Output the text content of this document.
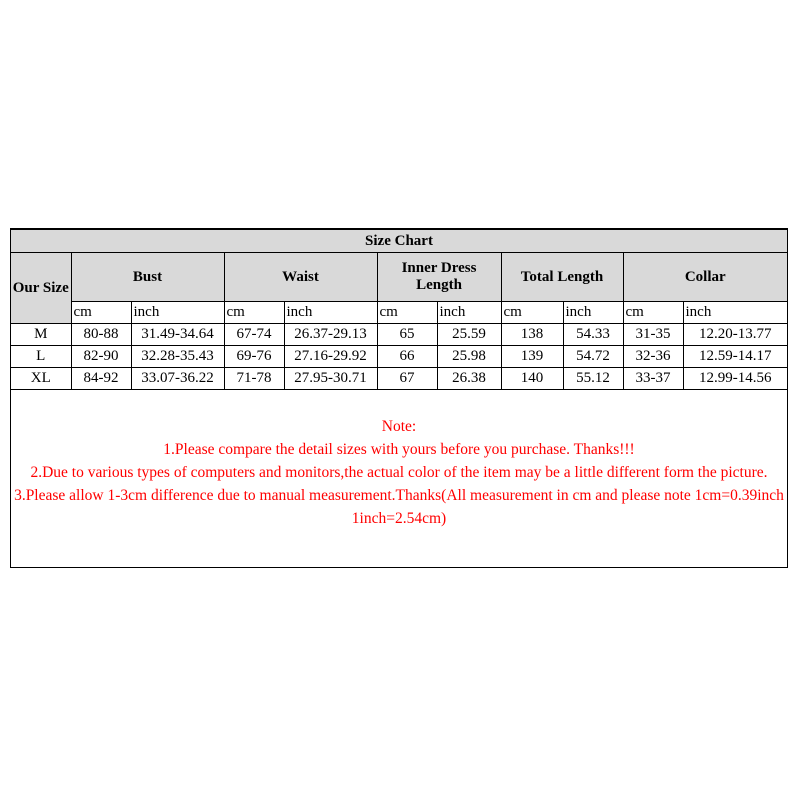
Size Chart										
Our Size	Bust		Waist		Inner Dress Length		Total Length		Collar	
	cm	inch	cm	inch	cm	inch	cm	inch	cm	inch
M	80-88	31.49-34.64	67-74	26.37-29.13	65	25.59	138	54.33	31-35	12.20-13.77
L	82-90	32.28-35.43	69-76	27.16-29.92	66	25.98	139	54.72	32-36	12.59-14.17
XL	84-92	33.07-36.22	71-78	27.95-30.71	67	26.38	140	55.12	33-37	12.99-14.56

Note:

1.Please compare the detail sizes with yours before you purchase. Thanks!!!

2.Due to various types of computers and monitors,the actual color of the item may be a little different form the picture.

3.Please allow 1-3cm difference due to manual measurement.Thanks(All measurement in cm and please note 1cm=0.39inch 1inch=2.54cm)
